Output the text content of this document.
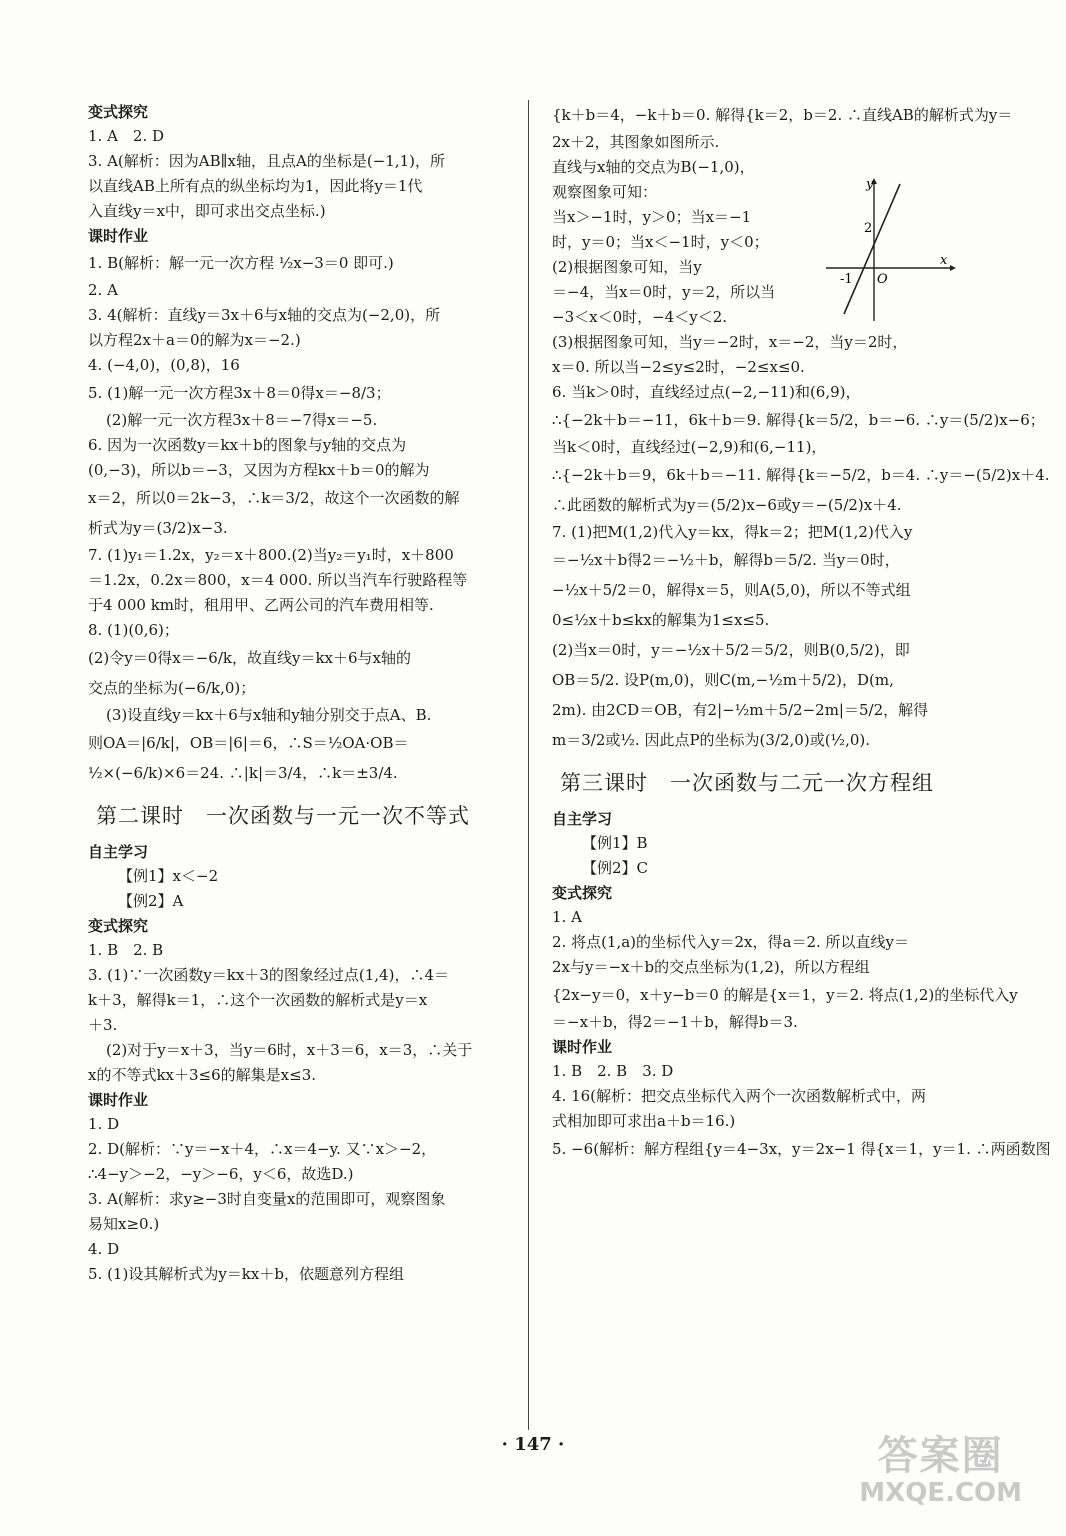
变式探究
1. A　2. D
3. A(解析：因为AB∥x轴，且点A的坐标是(−1,1)，所
以直线AB上所有点的纵坐标均为1，因此将y＝1代
入直线y＝x中，即可求出交点坐标.)
课时作业
1. B(解析：解一元一次方程 ½x−3＝0 即可.)
2. A
3. 4(解析：直线y＝3x＋6与x轴的交点为(−2,0)，所
以方程2x＋a＝0的解为x＝−2.)
4. (−4,0)，(0,8)，16
5. (1)解一元一次方程3x＋8＝0得x＝−8/3；
(2)解一元一次方程3x＋8＝−7得x＝−5.
6. 因为一次函数y＝kx＋b的图象与y轴的交点为
(0,−3)，所以b＝−3，又因为方程kx＋b＝0的解为
x＝2，所以0＝2k−3，∴k＝3/2，故这个一次函数的解
析式为y＝(3/2)x−3.
7. (1)y₁＝1.2x，y₂＝x＋800.(2)当y₂＝y₁时，x＋800
＝1.2x，0.2x＝800，x＝4 000. 所以当汽车行驶路程等
于4 000 km时，租用甲、乙两公司的汽车费用相等.
8. (1)(0,6)；
(2)令y＝0得x＝−6/k，故直线y＝kx＋6与x轴的
交点的坐标为(−6/k,0)；
(3)设直线y＝kx＋6与x轴和y轴分别交于点A、B.
则OA＝|6/k|，OB＝|6|＝6，∴S＝½OA·OB＝
½×(−6/k)×6＝24. ∴|k|＝3/4，∴k＝±3/4.
第二课时　一次函数与一元一次不等式
自主学习
【例1】x＜−2
【例2】A
变式探究
1. B　2. B
3. (1)∵一次函数y＝kx＋3的图象经过点(1,4)，∴4＝
k＋3，解得k＝1，∴这个一次函数的解析式是y＝x
＋3.
(2)对于y＝x＋3，当y＝6时，x＋3＝6，x＝3，∴关于
x的不等式kx＋3≤6的解集是x≤3.
课时作业
1. D
2. D(解析：∵y＝−x＋4，∴x＝4−y. 又∵x＞−2，
∴4−y＞−2，−y＞−6，y＜6，故选D.)
3. A(解析：求y≥−3时自变量x的范围即可，观察图象
易知x≥0.)
4. D
5. (1)设其解析式为y＝kx＋b，依题意列方程组
{k＋b＝4，−k＋b＝0. 解得{k＝2，b＝2. ∴直线AB的解析式为y＝
2x＋2，其图象如图所示.
直线与x轴的交点为B(−1,0)，
观察图象可知：
当x＞−1时，y＞0；当x＝−1
时，y＝0；当x＜−1时，y＜0；
(2)根据图象可知，当y
＝−4，当x＝0时，y＝2，所以当
−3＜x＜0时，−4＜y＜2.
(3)根据图象可知，当y＝−2时，x＝−2，当y＝2时，
x＝0. 所以当−2≤y≤2时，−2≤x≤0.
6. 当k＞0时，直线经过点(−2,−11)和(6,9)，
∴{−2k＋b＝−11，6k＋b＝9. 解得{k＝5/2，b＝−6. ∴y＝(5/2)x−6；
当k＜0时，直线经过(−2,9)和(6,−11)，
∴{−2k＋b＝9，6k＋b＝−11. 解得{k＝−5/2，b＝4. ∴y＝−(5/2)x＋4.
∴此函数的解析式为y＝(5/2)x−6或y＝−(5/2)x＋4.
7. (1)把M(1,2)代入y＝kx，得k＝2；把M(1,2)代入y
＝−½x＋b得2＝−½＋b，解得b＝5/2. 当y＝0时，
−½x＋5/2＝0，解得x＝5，则A(5,0)，所以不等式组
0≤½x＋b≤kx的解集为1≤x≤5.
(2)当x＝0时，y＝−½x＋5/2＝5/2，则B(0,5/2)，即
OB＝5/2. 设P(m,0)，则C(m,−½m＋5/2)，D(m,
2m). 由2CD＝OB，有2|−½m＋5/2−2m|＝5/2，解得
m＝3/2或½. 因此点P的坐标为(3/2,0)或(½,0).
第三课时　一次函数与二元一次方程组
自主学习
【例1】B
【例2】C
变式探究
1. A
2. 将点(1,a)的坐标代入y＝2x，得a＝2. 所以直线y＝
2x与y＝−x＋b的交点坐标为(1,2)，所以方程组
{2x−y＝0，x＋y−b＝0 的解是{x＝1，y＝2. 将点(1,2)的坐标代入y
＝−x＋b，得2＝−1＋b，解得b＝3.
课时作业
1. B　2. B　3. D
4. 16(解析：把交点坐标代入两个一次函数解析式中，两
式相加即可求出a＋b＝16.)
5. −6(解析：解方程组{y＝4−3x，y＝2x−1 得{x＝1，y＝1. ∴两函数图
y
x
2
-1 O
· 147 ·	答案圈
MXQE.COM
